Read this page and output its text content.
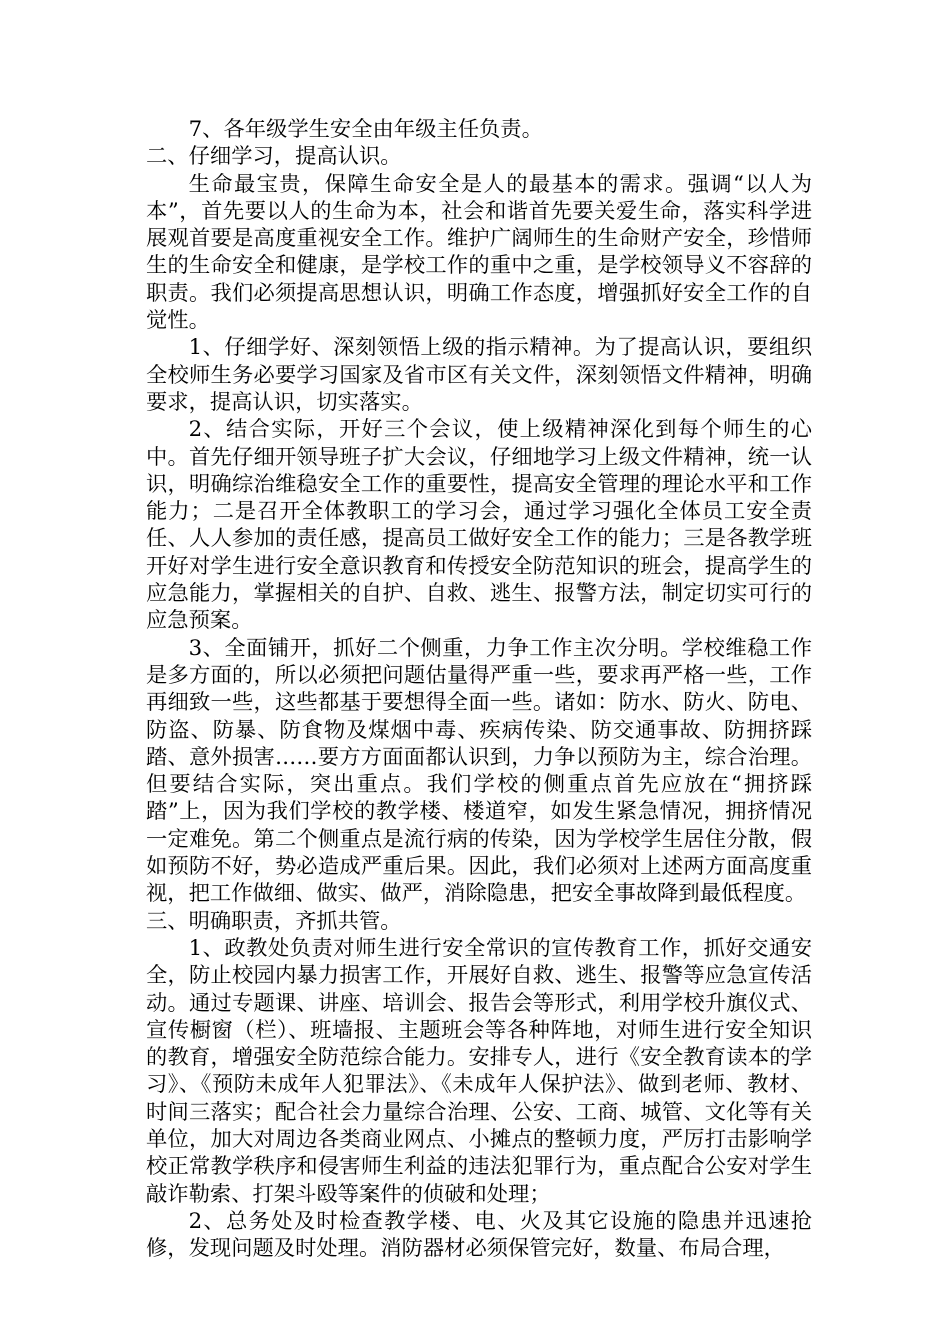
7、各年级学生安全由年级主任负责。

二、仔细学习，提高认识。

生命最宝贵，保障生命安全是人的最基本的需求。强调“以人为本”，首先要以人的生命为本，社会和谐首先要关爱生命，落实科学进展观首要是高度重视安全工作。维护广阔师生的生命财产安全，珍惜师生的生命安全和健康，是学校工作的重中之重，是学校领导义不容辞的职责。我们必须提高思想认识，明确工作态度，增强抓好安全工作的自觉性。

1、仔细学好、深刻领悟上级的指示精神。为了提高认识，要组织全校师生务必要学习国家及省市区有关文件，深刻领悟文件精神，明确要求，提高认识，切实落实。

2、结合实际，开好三个会议，使上级精神深化到每个师生的心中。首先仔细开领导班子扩大会议，仔细地学习上级文件精神，统一认识，明确综治维稳安全工作的重要性，提高安全管理的理论水平和工作能力；二是召开全体教职工的学习会，通过学习强化全体员工安全责任、人人参加的责任感，提高员工做好安全工作的能力；三是各教学班开好对学生进行安全意识教育和传授安全防范知识的班会，提高学生的应急能力，掌握相关的自护、自救、逃生、报警方法，制定切实可行的应急预案。

3、全面铺开，抓好二个侧重，力争工作主次分明。学校维稳工作是多方面的，所以必须把问题估量得严重一些，要求再严格一些，工作再细致一些，这些都基于要想得全面一些。诸如：防水、防火、防电、防盗、防暴、防食物及煤烟中毒、疾病传染、防交通事故、防拥挤踩踏、意外损害……要方方面面都认识到，力争以预防为主，综合治理。但要结合实际，突出重点。我们学校的侧重点首先应放在“拥挤踩踏”上，因为我们学校的教学楼、楼道窄，如发生紧急情况，拥挤情况一定难免。第二个侧重点是流行病的传染，因为学校学生居住分散，假如预防不好，势必造成严重后果。因此，我们必须对上述两方面高度重视，把工作做细、做实、做严，消除隐患，把安全事故降到最低程度。

三、明确职责，齐抓共管。

1、政教处负责对师生进行安全常识的宣传教育工作，抓好交通安全，防止校园内暴力损害工作，开展好自救、逃生、报警等应急宣传活动。通过专题课、讲座、培训会、报告会等形式，利用学校升旗仪式、宣传橱窗（栏）、班墙报、主题班会等各种阵地，对师生进行安全知识的教育，增强安全防范综合能力。安排专人，进行《安全教育读本的学习》、《预防未成年人犯罪法》、《未成年人保护法》、做到老师、教材、时间三落实；配合社会力量综合治理、公安、工商、城管、文化等有关单位，加大对周边各类商业网点、小摊点的整顿力度，严厉打击影响学校正常教学秩序和侵害师生利益的违法犯罪行为，重点配合公安对学生敲诈勒索、打架斗殴等案件的侦破和处理；

2、总务处及时检查教学楼、电、火及其它设施的隐患并迅速抢修，发现问题及时处理。消防器材必须保管完好，数量、布局合理，
